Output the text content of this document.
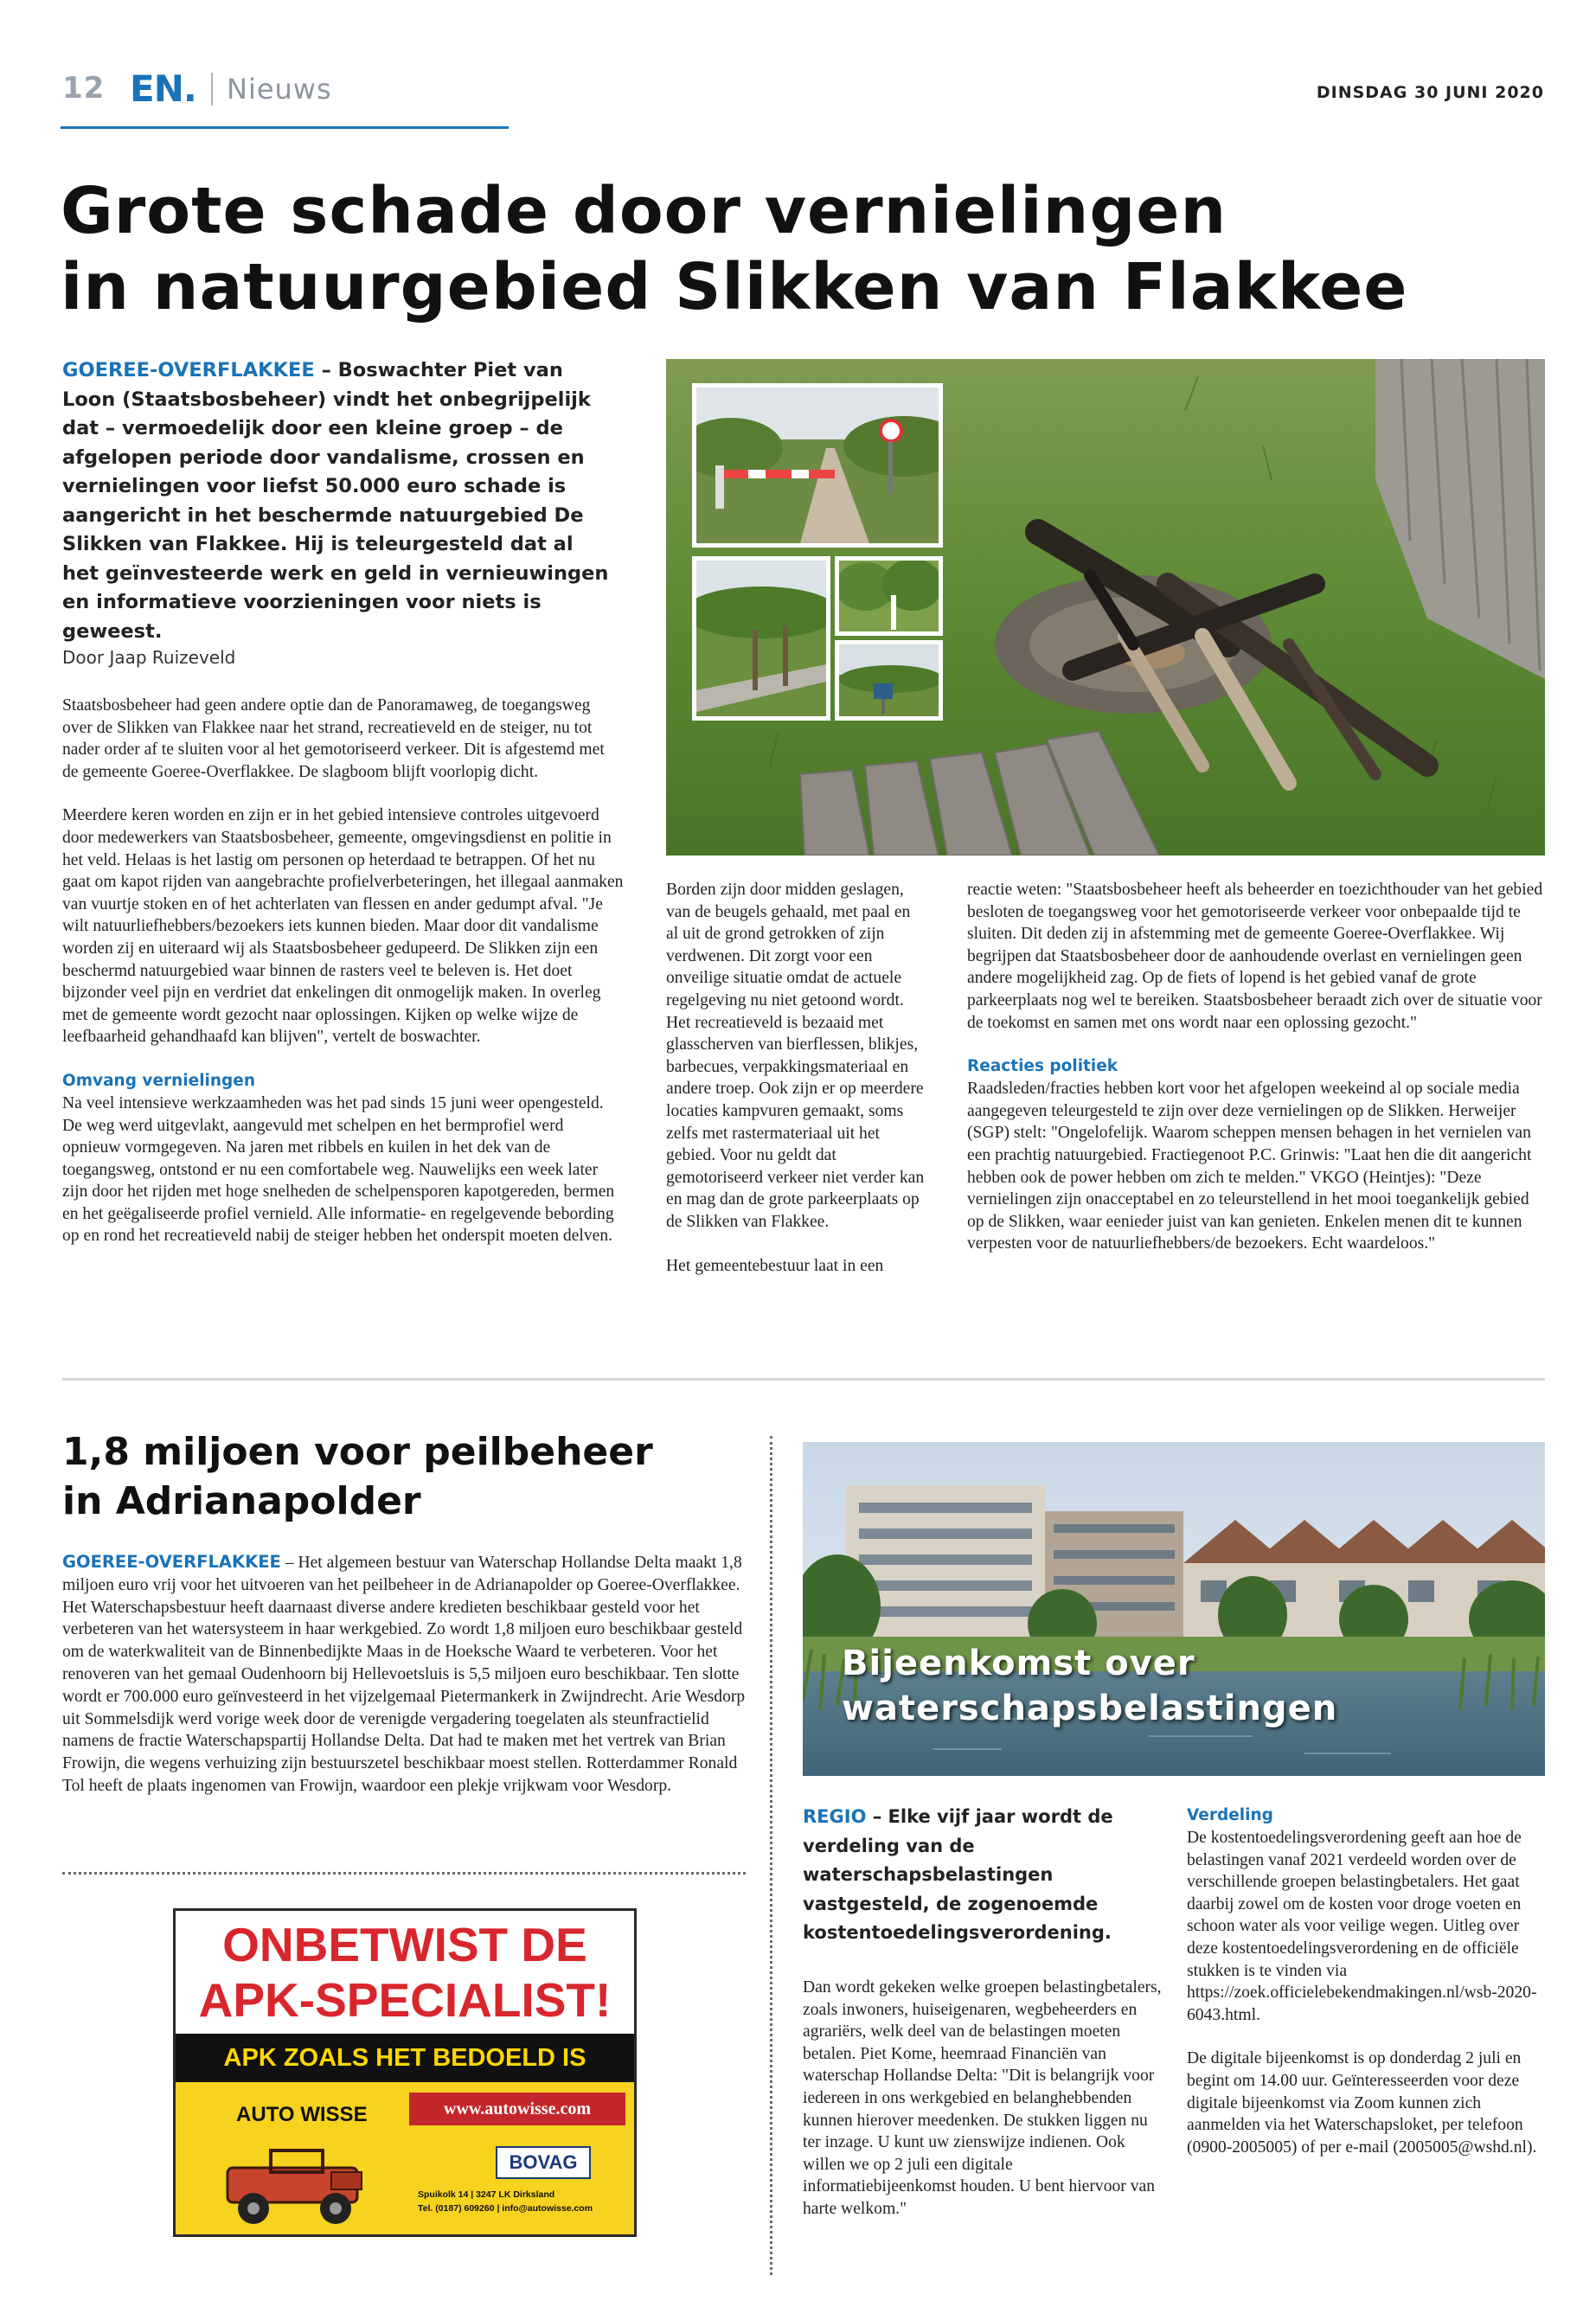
12 EN. Nieuws	DINSDAG 30 JUNI 2020
Grote schade door vernielingen
in natuurgebied Slikken van Flakkee
GOEREE-OVERFLAKKEE – Boswachter Piet van Loon (Staatsbosbeheer) vindt het onbegrijpelijk dat – vermoedelijk door een kleine groep – de afgelopen periode door vandalisme, crossen en vernielingen voor liefst 50.000 euro schade is aangericht in het beschermde natuurgebied De Slikken van Flakkee. Hij is teleurgesteld dat al het geïnvesteerde werk en geld in vernieuwingen en informatieve voorzieningen voor niets is geweest.
Door Jaap Ruizeveld

Staatsbosbeheer had geen andere optie dan de Panoramaweg, de toegangsweg over de Slikken van Flakkee naar het strand, recreatieveld en de steiger, nu tot nader order af te sluiten voor al het gemotoriseerd verkeer. Dit is afgestemd met de gemeente Goeree-Overflakkee. De slagboom blijft voorlopig dicht.

Meerdere keren worden en zijn er in het gebied intensieve controles uitgevoerd door medewerkers van Staatsbosbeheer, gemeente, omgevingsdienst en politie in het veld. Helaas is het lastig om personen op heterdaad te betrappen. Of het nu gaat om kapot rijden van aangebrachte profielverbeteringen, het illegaal aanmaken van vuurtje stoken en of het achterlaten van flessen en ander gedumpt afval. "Je wilt natuurliefhebbers/bezoekers iets kunnen bieden. Maar door dit vandalisme worden zij en uiteraard wij als Staatsbosbeheer gedupeerd. De Slikken zijn een beschermd natuurgebied waar binnen de rasters veel te beleven is. Het doet bijzonder veel pijn en verdriet dat enkelingen dit onmogelijk maken. In overleg met de gemeente wordt gezocht naar oplossingen. Kijken op welke wijze de leefbaarheid gehandhaafd kan blijven", vertelt de boswachter.

Omvang vernielingen

Na veel intensieve werkzaamheden was het pad sinds 15 juni weer opengesteld. De weg werd uitgevlakt, aangevuld met schelpen en het bermprofiel werd opnieuw vormgegeven. Na jaren met ribbels en kuilen in het dek van de toegangsweg, ontstond er nu een comfortabele weg. Nauwelijks een week later zijn door het rijden met hoge snelheden de schelpensporen kapotgereden, bermen en het geëgaliseerde profiel vernield. Alle informatie- en regelgevende bebording op en rond het recreatieveld nabij de steiger hebben het onderspit moeten delven.

Borden zijn door midden geslagen, van de beugels gehaald, met paal en al uit de grond getrokken of zijn verdwenen. Dit zorgt voor een onveilige situatie omdat de actuele regelgeving nu niet getoond wordt. Het recreatieveld is bezaaid met glasscherven van bierflessen, blikjes, barbecues, verpakkingsmateriaal en andere troep. Ook zijn er op meerdere locaties kampvuren gemaakt, soms zelfs met rastermateriaal uit het gebied. Voor nu geldt dat gemotoriseerd verkeer niet verder kan en mag dan de grote parkeerplaats op de Slikken van Flakkee.

Het gemeentebestuur laat in een

reactie weten: "Staatsbosbeheer heeft als beheerder en toezichthouder van het gebied besloten de toegangsweg voor het gemotoriseerde verkeer voor onbepaalde tijd te sluiten. Dit deden zij in afstemming met de gemeente Goeree-Overflakkee. Wij begrijpen dat Staatsbosbeheer door de aanhoudende overlast en vernielingen geen andere mogelijkheid zag. Op de fiets of lopend is het gebied vanaf de grote parkeerplaats nog wel te bereiken. Staatsbosbeheer beraadt zich over de situatie voor de toekomst en samen met ons wordt naar een oplossing gezocht."

Reacties politiek

Raadsleden/fracties hebben kort voor het afgelopen weekeind al op sociale media aangegeven teleurgesteld te zijn over deze vernielingen op de Slikken. Herweijer (SGP) stelt: "Ongelofelijk. Waarom scheppen mensen behagen in het vernielen van een prachtig natuurgebied. Fractiegenoot P.C. Grinwis: "Laat hen die dit aangericht hebben ook de power hebben om zich te melden." VKGO (Heintjes): "Deze vernielingen zijn onacceptabel en zo teleurstellend in het mooi toegankelijk gebied op de Slikken, waar eenieder juist van kan genieten. Enkelen menen dit te kunnen verpesten voor de natuurliefhebbers/de bezoekers. Echt waardeloos."

1,8 miljoen voor peilbeheer
in Adrianapolder
GOEREE-OVERFLAKKEE – Het algemeen bestuur van Waterschap Hollandse Delta maakt 1,8 miljoen euro vrij voor het uitvoeren van het peilbeheer in de Adrianapolder op Goeree-Overflakkee. Het Waterschapsbestuur heeft daarnaast diverse andere kredieten beschikbaar gesteld voor het verbeteren van het watersysteem in haar werkgebied. Zo wordt 1,8 miljoen euro beschikbaar gesteld om de waterkwaliteit van de Binnenbedijkte Maas in de Hoeksche Waard te verbeteren. Voor het renoveren van het gemaal Oudenhoorn bij Hellevoetsluis is 5,5 miljoen euro beschikbaar. Ten slotte wordt er 700.000 euro geïnvesteerd in het vijzelgemaal Pietermankerk in Zwijndrecht. Arie Wesdorp uit Sommelsdijk werd vorige week door de verenigde vergadering toegelaten als steunfractielid namens de fractie Waterschapspartij Hollandse Delta. Dat had te maken met het vertrek van Brian Frowijn, die wegens verhuizing zijn bestuurszetel beschikbaar moest stellen. Rotterdammer Ronald Tol heeft de plaats ingenomen van Frowijn, waardoor een plekje vrijkwam voor Wesdorp.
ONBETWIST DE
APK-SPECIALIST!
APK ZOALS HET BEDOELD IS
AUTO WISSE	www.autowisse.com
BOVAG
Spuikolk 14 | 3247 LK Dirksland
Tel. (0187) 609260 | info@autowisse.com
Bijeenkomst over
waterschapsbelastingen
REGIO – Elke vijf jaar wordt de verdeling van de waterschapsbelastingen vastgesteld, de zogenoemde kostentoedelingsverordening.

Dan wordt gekeken welke groepen belastingbetalers, zoals inwoners, huiseigenaren, wegbeheerders en agrariërs, welk deel van de belastingen moeten betalen. Piet Kome, heemraad Financiën van waterschap Hollandse Delta: "Dit is belangrijk voor iedereen in ons werkgebied en belanghebbenden kunnen hierover meedenken. De stukken liggen nu ter inzage. U kunt uw zienswijze indienen. Ook willen we op 2 juli een digitale informatiebijeenkomst houden. U bent hiervoor van harte welkom."

Verdeling

De kostentoedelingsverordening geeft aan hoe de belastingen vanaf 2021 verdeeld worden over de verschillende groepen belastingbetalers. Het gaat daarbij zowel om de kosten voor droge voeten en schoon water als voor veilige wegen. Uitleg over deze kostentoedelingsverordening en de officiële stukken is te vinden via https://zoek.officielebekendmakingen.nl/wsb-2020-6043.html.

De digitale bijeenkomst is op donderdag 2 juli en begint om 14.00 uur. Geïnteresseerden voor deze digitale bijeenkomst via Zoom kunnen zich aanmelden via het Waterschapsloket, per telefoon (0900-2005005) of per e-mail (2005005@wshd.nl).
